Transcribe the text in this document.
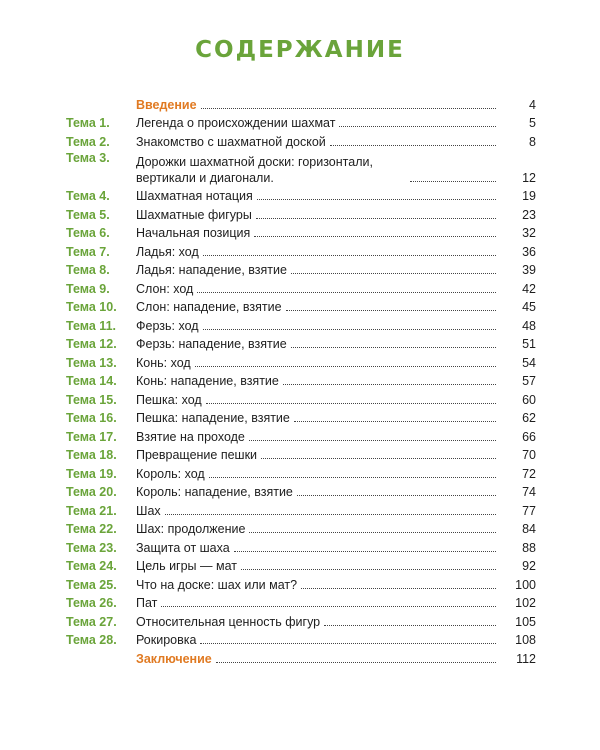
СОДЕРЖАНИЕ
Введение	4
Тема 1.	Легенда о происхождении шахмат	5
Тема 2.	Знакомство с шахматной доской	8
Тема 3.	Дорожки шахматной доски: горизонтали, вертикали и диагонали.	12
Тема 4.	Шахматная нотация	19
Тема 5.	Шахматные фигуры	23
Тема 6.	Начальная позиция	32
Тема 7.	Ладья: ход	36
Тема 8.	Ладья: нападение, взятие	39
Тема 9.	Слон: ход	42
Тема 10.	Слон: нападение, взятие	45
Тема 11.	Ферзь: ход	48
Тема 12.	Ферзь: нападение, взятие	51
Тема 13.	Конь: ход	54
Тема 14.	Конь: нападение, взятие	57
Тема 15.	Пешка: ход	60
Тема 16.	Пешка: нападение, взятие	62
Тема 17.	Взятие на проходе	66
Тема 18.	Превращение пешки	70
Тема 19.	Король: ход	72
Тема 20.	Король: нападение, взятие	74
Тема 21.	Шах	77
Тема 22.	Шах: продолжение	84
Тема 23.	Защита от шаха	88
Тема 24.	Цель игры — мат	92
Тема 25.	Что на доске: шах или мат?	100
Тема 26.	Пат	102
Тема 27.	Относительная ценность фигур	105
Тема 28.	Рокировка	108
Заключение	112
